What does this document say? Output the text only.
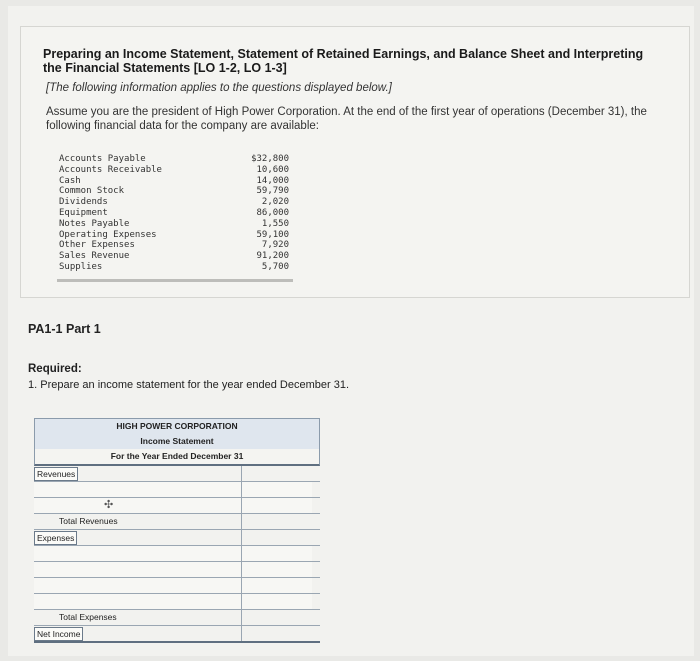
Preparing an Income Statement, Statement of Retained Earnings, and Balance Sheet and Interpreting the Financial Statements [LO 1-2, LO 1-3]
[The following information applies to the questions displayed below.]
Assume you are the president of High Power Corporation. At the end of the first year of operations (December 31), the following financial data for the company are available:
Accounts Payable	$32,800
Accounts Receivable	10,600
Cash	14,000
Common Stock	59,790
Dividends	2,020
Equipment	86,000
Notes Payable	1,550
Operating Expenses	59,100
Other Expenses	7,920
Sales Revenue	91,200
Supplies	5,700
PA1-1 Part 1
Required:
1. Prepare an income statement for the year ended December 31.
HIGH POWER CORPORATION
Income Statement
For the Year Ended December 31
Revenues
✣
Total Revenues
Expenses
Total Expenses
Net Income
